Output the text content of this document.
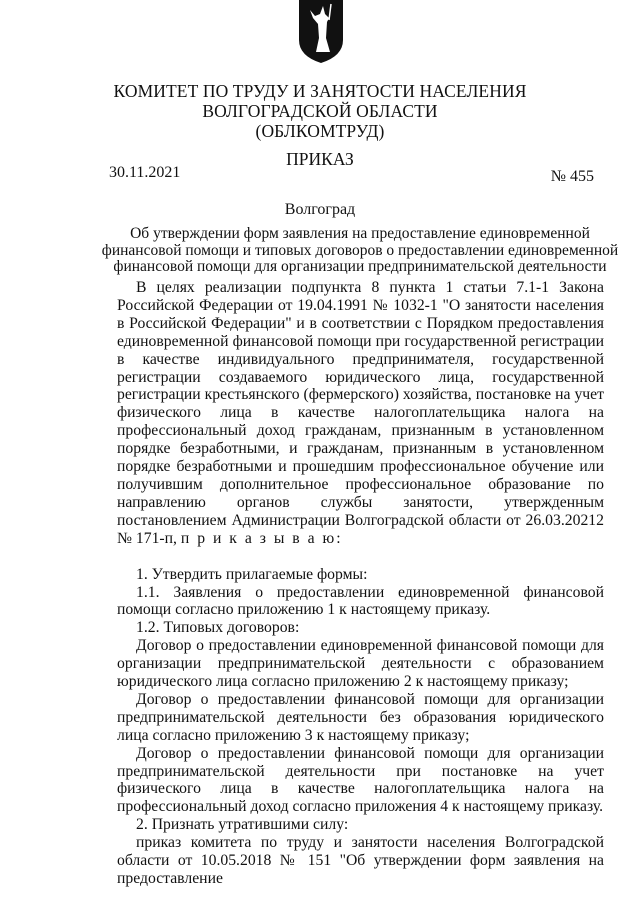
КОМИТЕТ ПО ТРУДУ И ЗАНЯТОСТИ НАСЕЛЕНИЯ
ВОЛГОГРАДСКОЙ ОБЛАСТИ
(ОБЛКОМТРУД)
ПРИКАЗ
30.11.2021	№ 455
Волгоград
Об утверждении форм заявления на предоставление единовременной
финансовой помощи и типовых договоров о предоставлении единовременной
финансовой помощи для организации предпринимательской деятельности

В целях реализации подпункта 8 пункта 1 статьи 7.1-1 Закона Российской Федерации от 19.04.1991 № 1032-1 "О занятости населения в Российской Федерации" и в соответствии с Порядком предоставления единовременной финансовой помощи при государственной регистрации в качестве индивидуального предпринимателя, государственной регистрации создаваемого юридического лица, государственной регистрации крестьянского (фермерского) хозяйства, постановке на учет физического лица в качестве налогоплательщика налога на профессиональный доход гражданам, признанным в установленном порядке безработными, и гражданам, признанным в установленном порядке безработными и прошедшим профессиональное обучение или получившим дополнительное профессиональное образование по направлению органов службы занятости, утвержденным постановлением Администрации Волгоградской области от 26.03.20212 № 171-п, п р и к а з ы в а ю:

1. Утвердить прилагаемые формы:

1.1. Заявления о предоставлении единовременной финансовой помощи согласно приложению 1 к настоящему приказу.

1.2. Типовых договоров:

Договор о предоставлении единовременной финансовой помощи для организации предпринимательской деятельности с образованием юридического лица согласно приложению 2 к настоящему приказу;

Договор о предоставлении финансовой помощи для организации предпринимательской деятельности без образования юридического лица согласно приложению 3 к настоящему приказу;

Договор о предоставлении финансовой помощи для организации предпринимательской деятельности при постановке на учет физического лица в качестве налогоплательщика налога на профессиональный доход согласно приложения 4 к настоящему приказу.

2. Признать утратившими силу:

приказ комитета по труду и занятости населения Волгоградской области от 10.05.2018 № 151 "Об утверждении форм заявления на предоставление
